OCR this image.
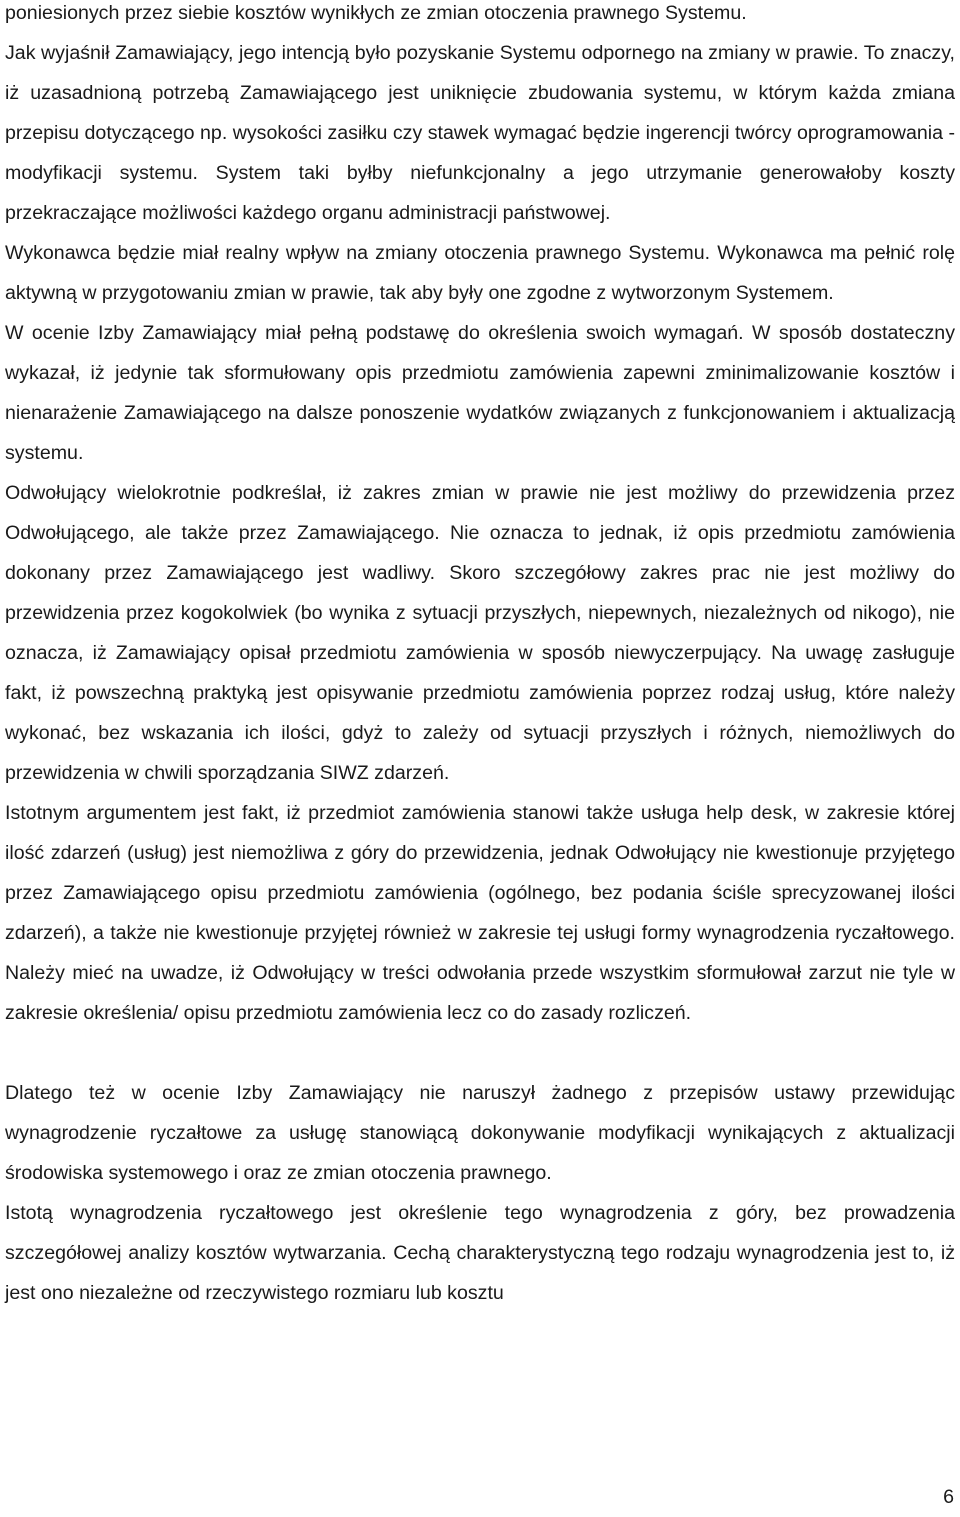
poniesionych przez siebie kosztów wynikłych ze zmian otoczenia prawnego Systemu.

Jak wyjaśnił Zamawiający, jego intencją było pozyskanie Systemu odpornego na zmiany w prawie. To znaczy, iż uzasadnioną potrzebą Zamawiającego jest uniknięcie zbudowania systemu, w którym każda zmiana przepisu dotyczącego np. wysokości zasiłku czy stawek wymagać będzie ingerencji twórcy oprogramowania - modyfikacji systemu. System taki byłby niefunkcjonalny a jego utrzymanie generowałoby koszty przekraczające możliwości każdego organu administracji państwowej.

Wykonawca będzie miał realny wpływ na zmiany otoczenia prawnego Systemu. Wykonawca ma pełnić rolę aktywną w przygotowaniu zmian w prawie, tak aby były one zgodne z wytworzonym Systemem.

W ocenie Izby Zamawiający miał pełną podstawę do określenia swoich wymagań. W sposób dostateczny wykazał, iż jedynie tak sformułowany opis przedmiotu zamówienia zapewni zminimalizowanie kosztów i nienarażenie Zamawiającego na dalsze ponoszenie wydatków związanych z funkcjonowaniem i aktualizacją systemu.

Odwołujący wielokrotnie podkreślał, iż zakres zmian w prawie nie jest możliwy do przewidzenia przez Odwołującego, ale także przez Zamawiającego. Nie oznacza to jednak, iż opis przedmiotu zamówienia dokonany przez Zamawiającego jest wadliwy. Skoro szczegółowy zakres prac nie jest możliwy do przewidzenia przez kogokolwiek (bo wynika z sytuacji przyszłych, niepewnych, niezależnych od nikogo), nie oznacza, iż Zamawiający opisał przedmiotu zamówienia w sposób niewyczerpujący. Na uwagę zasługuje fakt, iż powszechną praktyką jest opisywanie przedmiotu zamówienia poprzez rodzaj usług, które należy wykonać, bez wskazania ich ilości, gdyż to zależy od sytuacji przyszłych i różnych, niemożliwych do przewidzenia w chwili sporządzania SIWZ zdarzeń.

Istotnym argumentem jest fakt, iż przedmiot zamówienia stanowi także usługa help desk, w zakresie której ilość zdarzeń (usług) jest niemożliwa z góry do przewidzenia, jednak Odwołujący nie kwestionuje przyjętego przez Zamawiającego opisu przedmiotu zamówienia (ogólnego, bez podania ściśle sprecyzowanej ilości zdarzeń), a także nie kwestionuje przyjętej również w zakresie tej usługi formy wynagrodzenia ryczałtowego. Należy mieć na uwadze, iż Odwołujący w treści odwołania przede wszystkim sformułował zarzut nie tyle w zakresie określenia/ opisu przedmiotu zamówienia lecz co do zasady rozliczeń.

Dlatego też w ocenie Izby Zamawiający nie naruszył żadnego z przepisów ustawy przewidując wynagrodzenie ryczałtowe za usługę stanowiącą dokonywanie modyfikacji wynikających z aktualizacji środowiska systemowego i oraz ze zmian otoczenia prawnego.

Istotą wynagrodzenia ryczałtowego jest określenie tego wynagrodzenia z góry, bez prowadzenia szczegółowej analizy kosztów wytwarzania. Cechą charakterystyczną tego rodzaju wynagrodzenia jest to, iż jest ono niezależne od rzeczywistego rozmiaru lub kosztu

6
